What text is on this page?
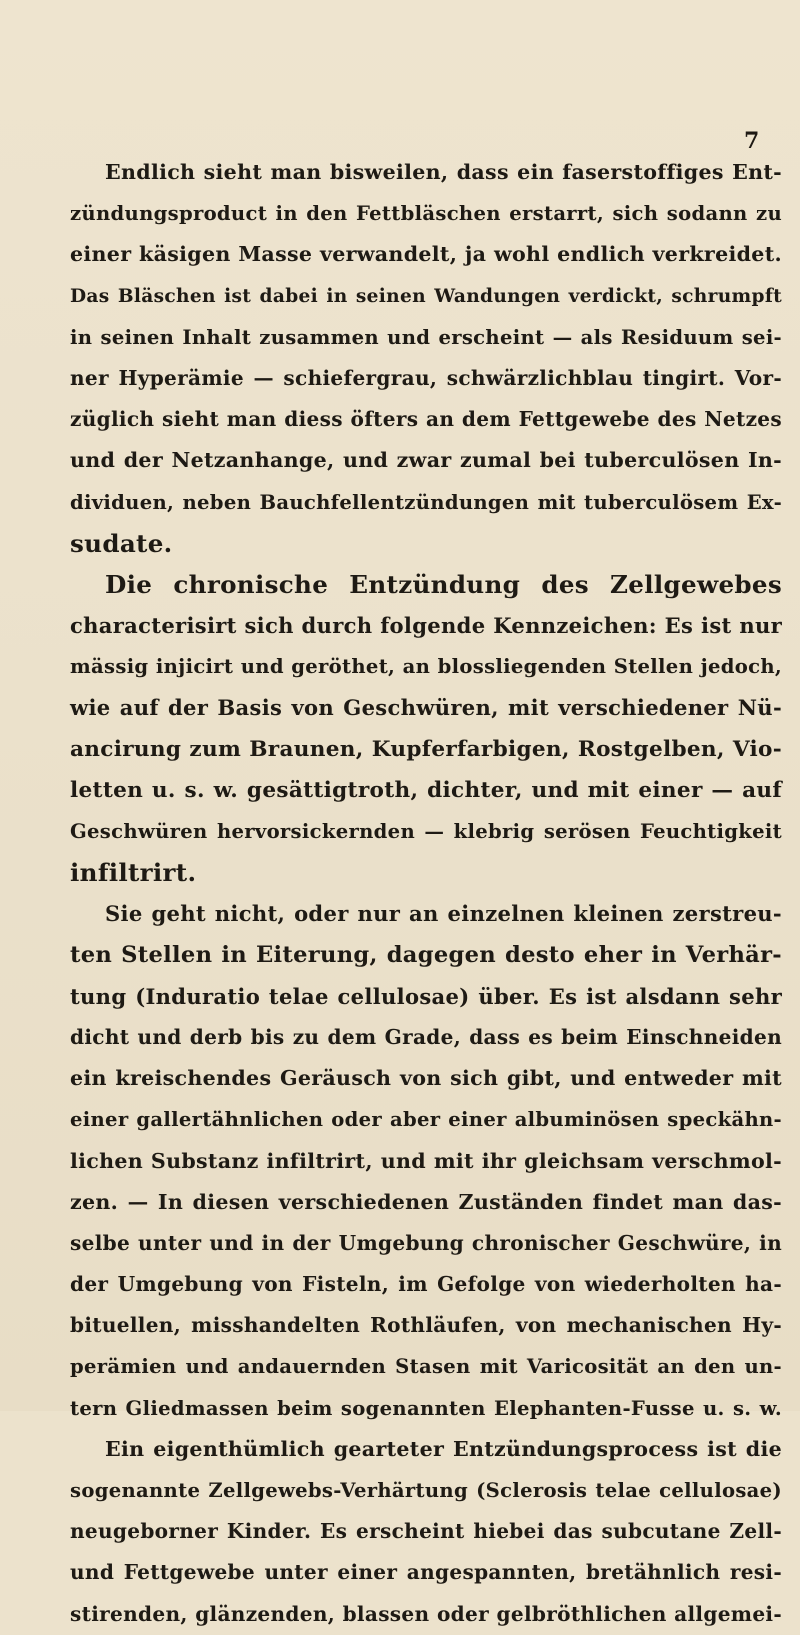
7
Endlich sieht man bisweilen, dass ein faserstoffiges Ent-
zündungsproduct in den Fettbläschen erstarrt, sich sodann zu
einer käsigen Masse verwandelt, ja wohl endlich verkreidet.
Das Bläschen ist dabei in seinen Wandungen verdickt, schrumpft
in seinen Inhalt zusammen und erscheint — als Residuum sei-
ner Hyperämie — schiefergrau, schwärzlichblau tingirt. Vor-
züglich sieht man diess öfters an dem Fettgewebe des Netzes
und der Netzanhange, und zwar zumal bei tuberculösen In-
dividuen, neben Bauchfellentzündungen mit tuberculösem Ex-
sudate.
Die chronische Entzündung des Zellgewebes
characterisirt sich durch folgende Kennzeichen: Es ist nur
mässig injicirt und geröthet, an blossliegenden Stellen jedoch,
wie auf der Basis von Geschwüren, mit verschiedener Nü-
ancirung zum Braunen, Kupferfarbigen, Rostgelben, Vio-
letten u. s. w. gesättigtroth, dichter, und mit einer — auf
Geschwüren hervorsickernden — klebrig serösen Feuchtigkeit
infiltrirt.
Sie geht nicht, oder nur an einzelnen kleinen zerstreu-
ten Stellen in Eiterung, dagegen desto eher in Verhär-
tung (Induratio telae cellulosae) über. Es ist alsdann sehr
dicht und derb bis zu dem Grade, dass es beim Einschneiden
ein kreischendes Geräusch von sich gibt, und entweder mit
einer gallertähnlichen oder aber einer albuminösen speckähn-
lichen Substanz infiltrirt, und mit ihr gleichsam verschmol-
zen. — In diesen verschiedenen Zuständen findet man das-
selbe unter und in der Umgebung chronischer Geschwüre, in
der Umgebung von Fisteln, im Gefolge von wiederholten ha-
bituellen, misshandelten Rothläufen, von mechanischen Hy-
perämien und andauernden Stasen mit Varicosität an den un-
tern Gliedmassen beim sogenannten Elephanten-Fusse u. s. w.
Ein eigenthümlich gearteter Entzündungsprocess ist die
sogenannte Zellgewebs-Verhärtung (Sclerosis telae cellulosae)
neugeborner Kinder. Es erscheint hiebei das subcutane Zell-
und Fettgewebe unter einer angespannten, bretähnlich resi-
stirenden, glänzenden, blassen oder gelbröthlichen allgemei-
